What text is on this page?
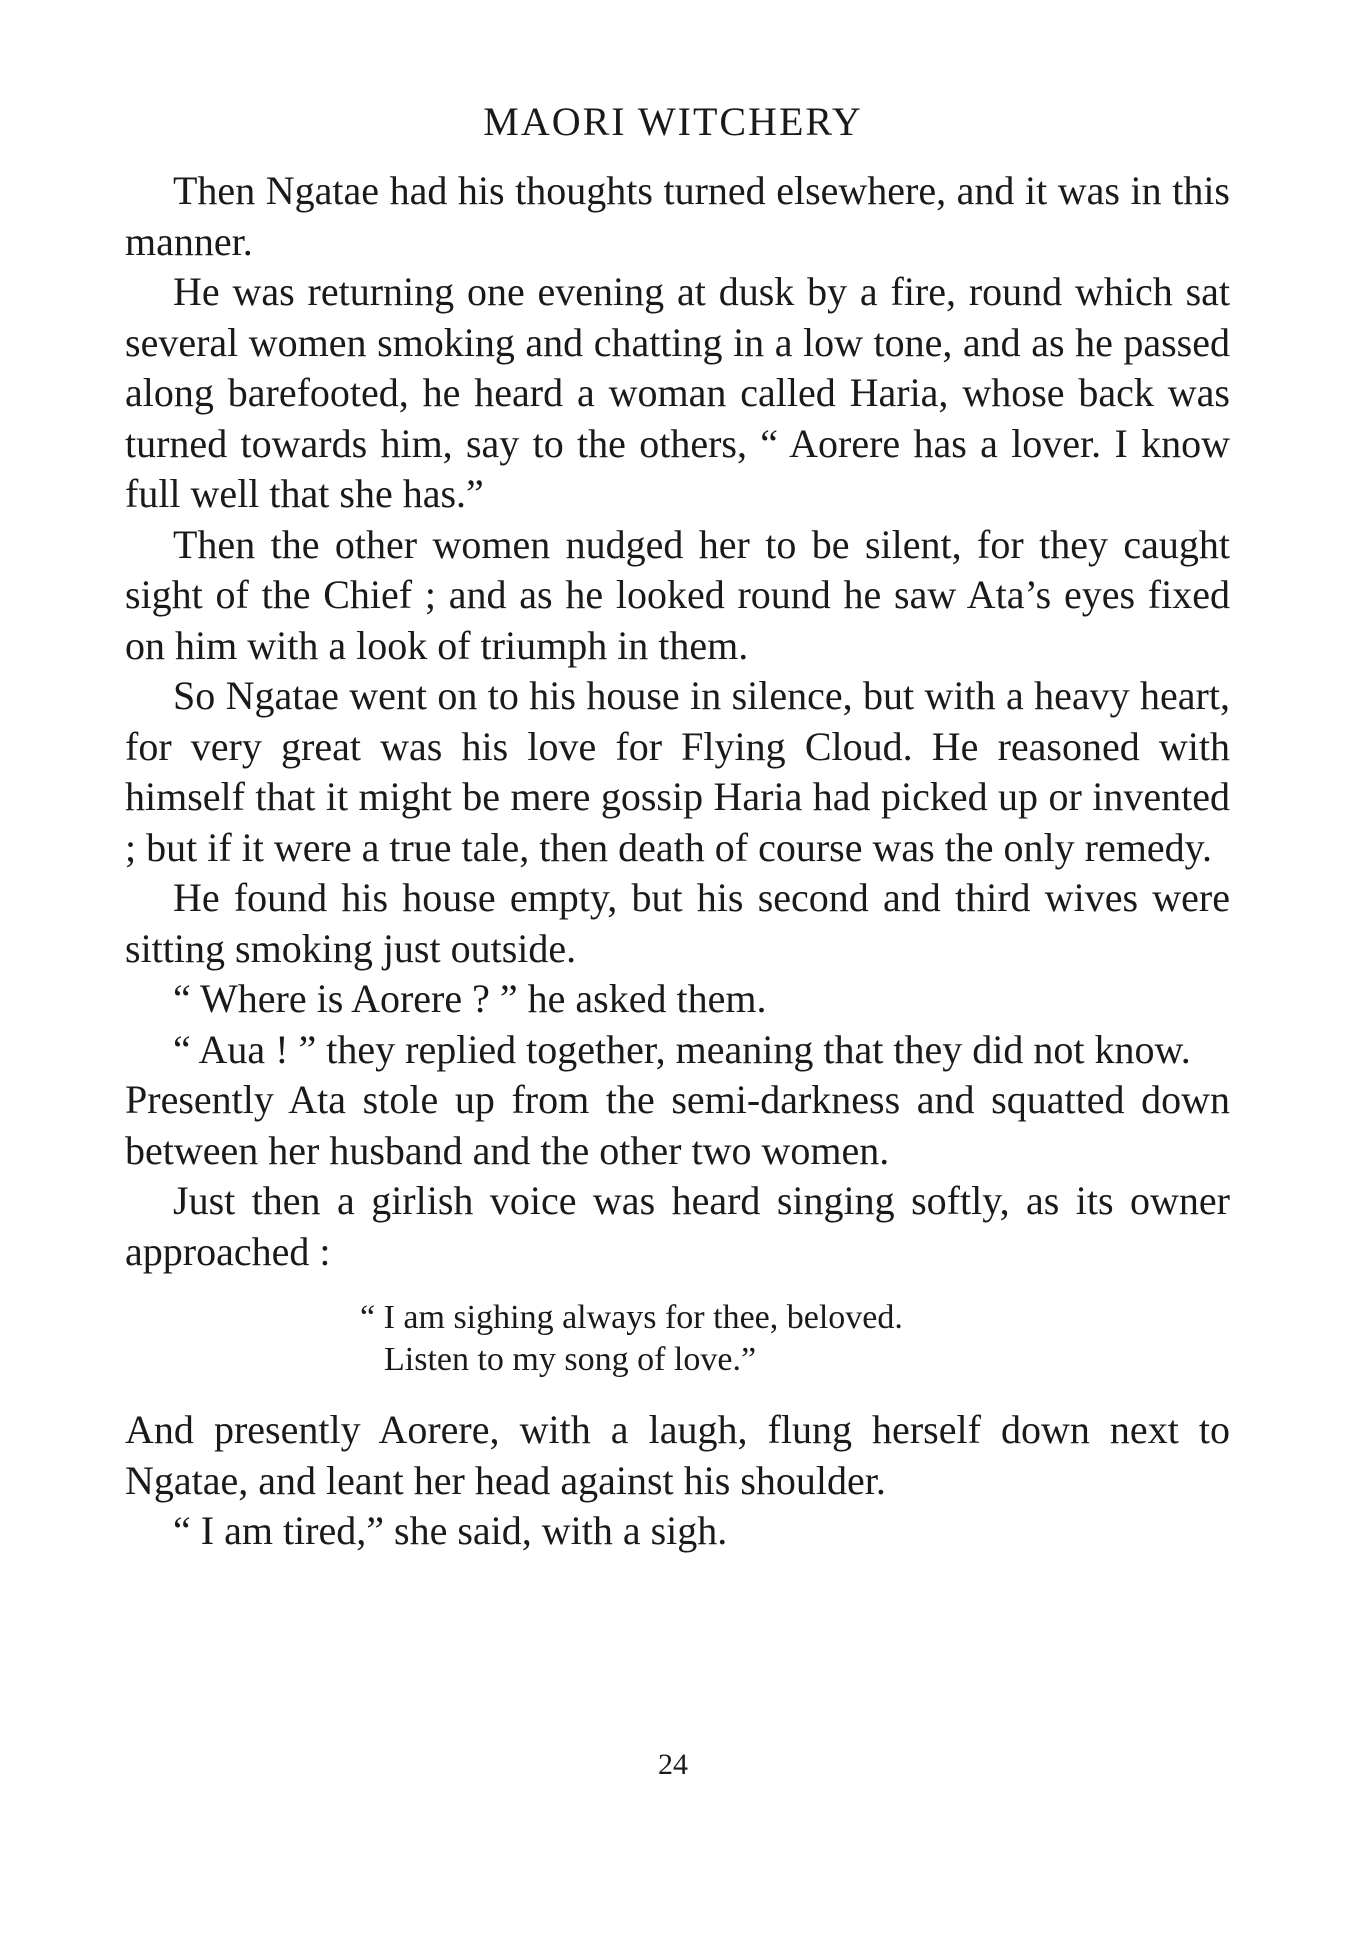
MAORI WITCHERY

Then Ngatae had his thoughts turned elsewhere, and it was in this manner.

He was returning one evening at dusk by a fire, round which sat several women smoking and chatting in a low tone, and as he passed along barefooted, he heard a woman called Haria, whose back was turned towards him, say to the others, “ Aorere has a lover. I know full well that she has.”

Then the other women nudged her to be silent, for they caught sight of the Chief ; and as he looked round he saw Ata’s eyes fixed on him with a look of triumph in them.

So Ngatae went on to his house in silence, but with a heavy heart, for very great was his love for Flying Cloud. He reasoned with himself that it might be mere gossip Haria had picked up or invented ; but if it were a true tale, then death of course was the only remedy.

He found his house empty, but his second and third wives were sitting smoking just outside.

“ Where is Aorere ? ” he asked them.

“ Aua ! ” they replied together, meaning that they did not know.

Presently Ata stole up from the semi-darkness and squatted down between her husband and the other two women.

Just then a girlish voice was heard singing softly, as its owner approached :

“ I am sighing always for thee, beloved.
Listen to my song of love.”

And presently Aorere, with a laugh, flung herself down next to Ngatae, and leant her head against his shoulder.

“ I am tired,” she said, with a sigh.

24
